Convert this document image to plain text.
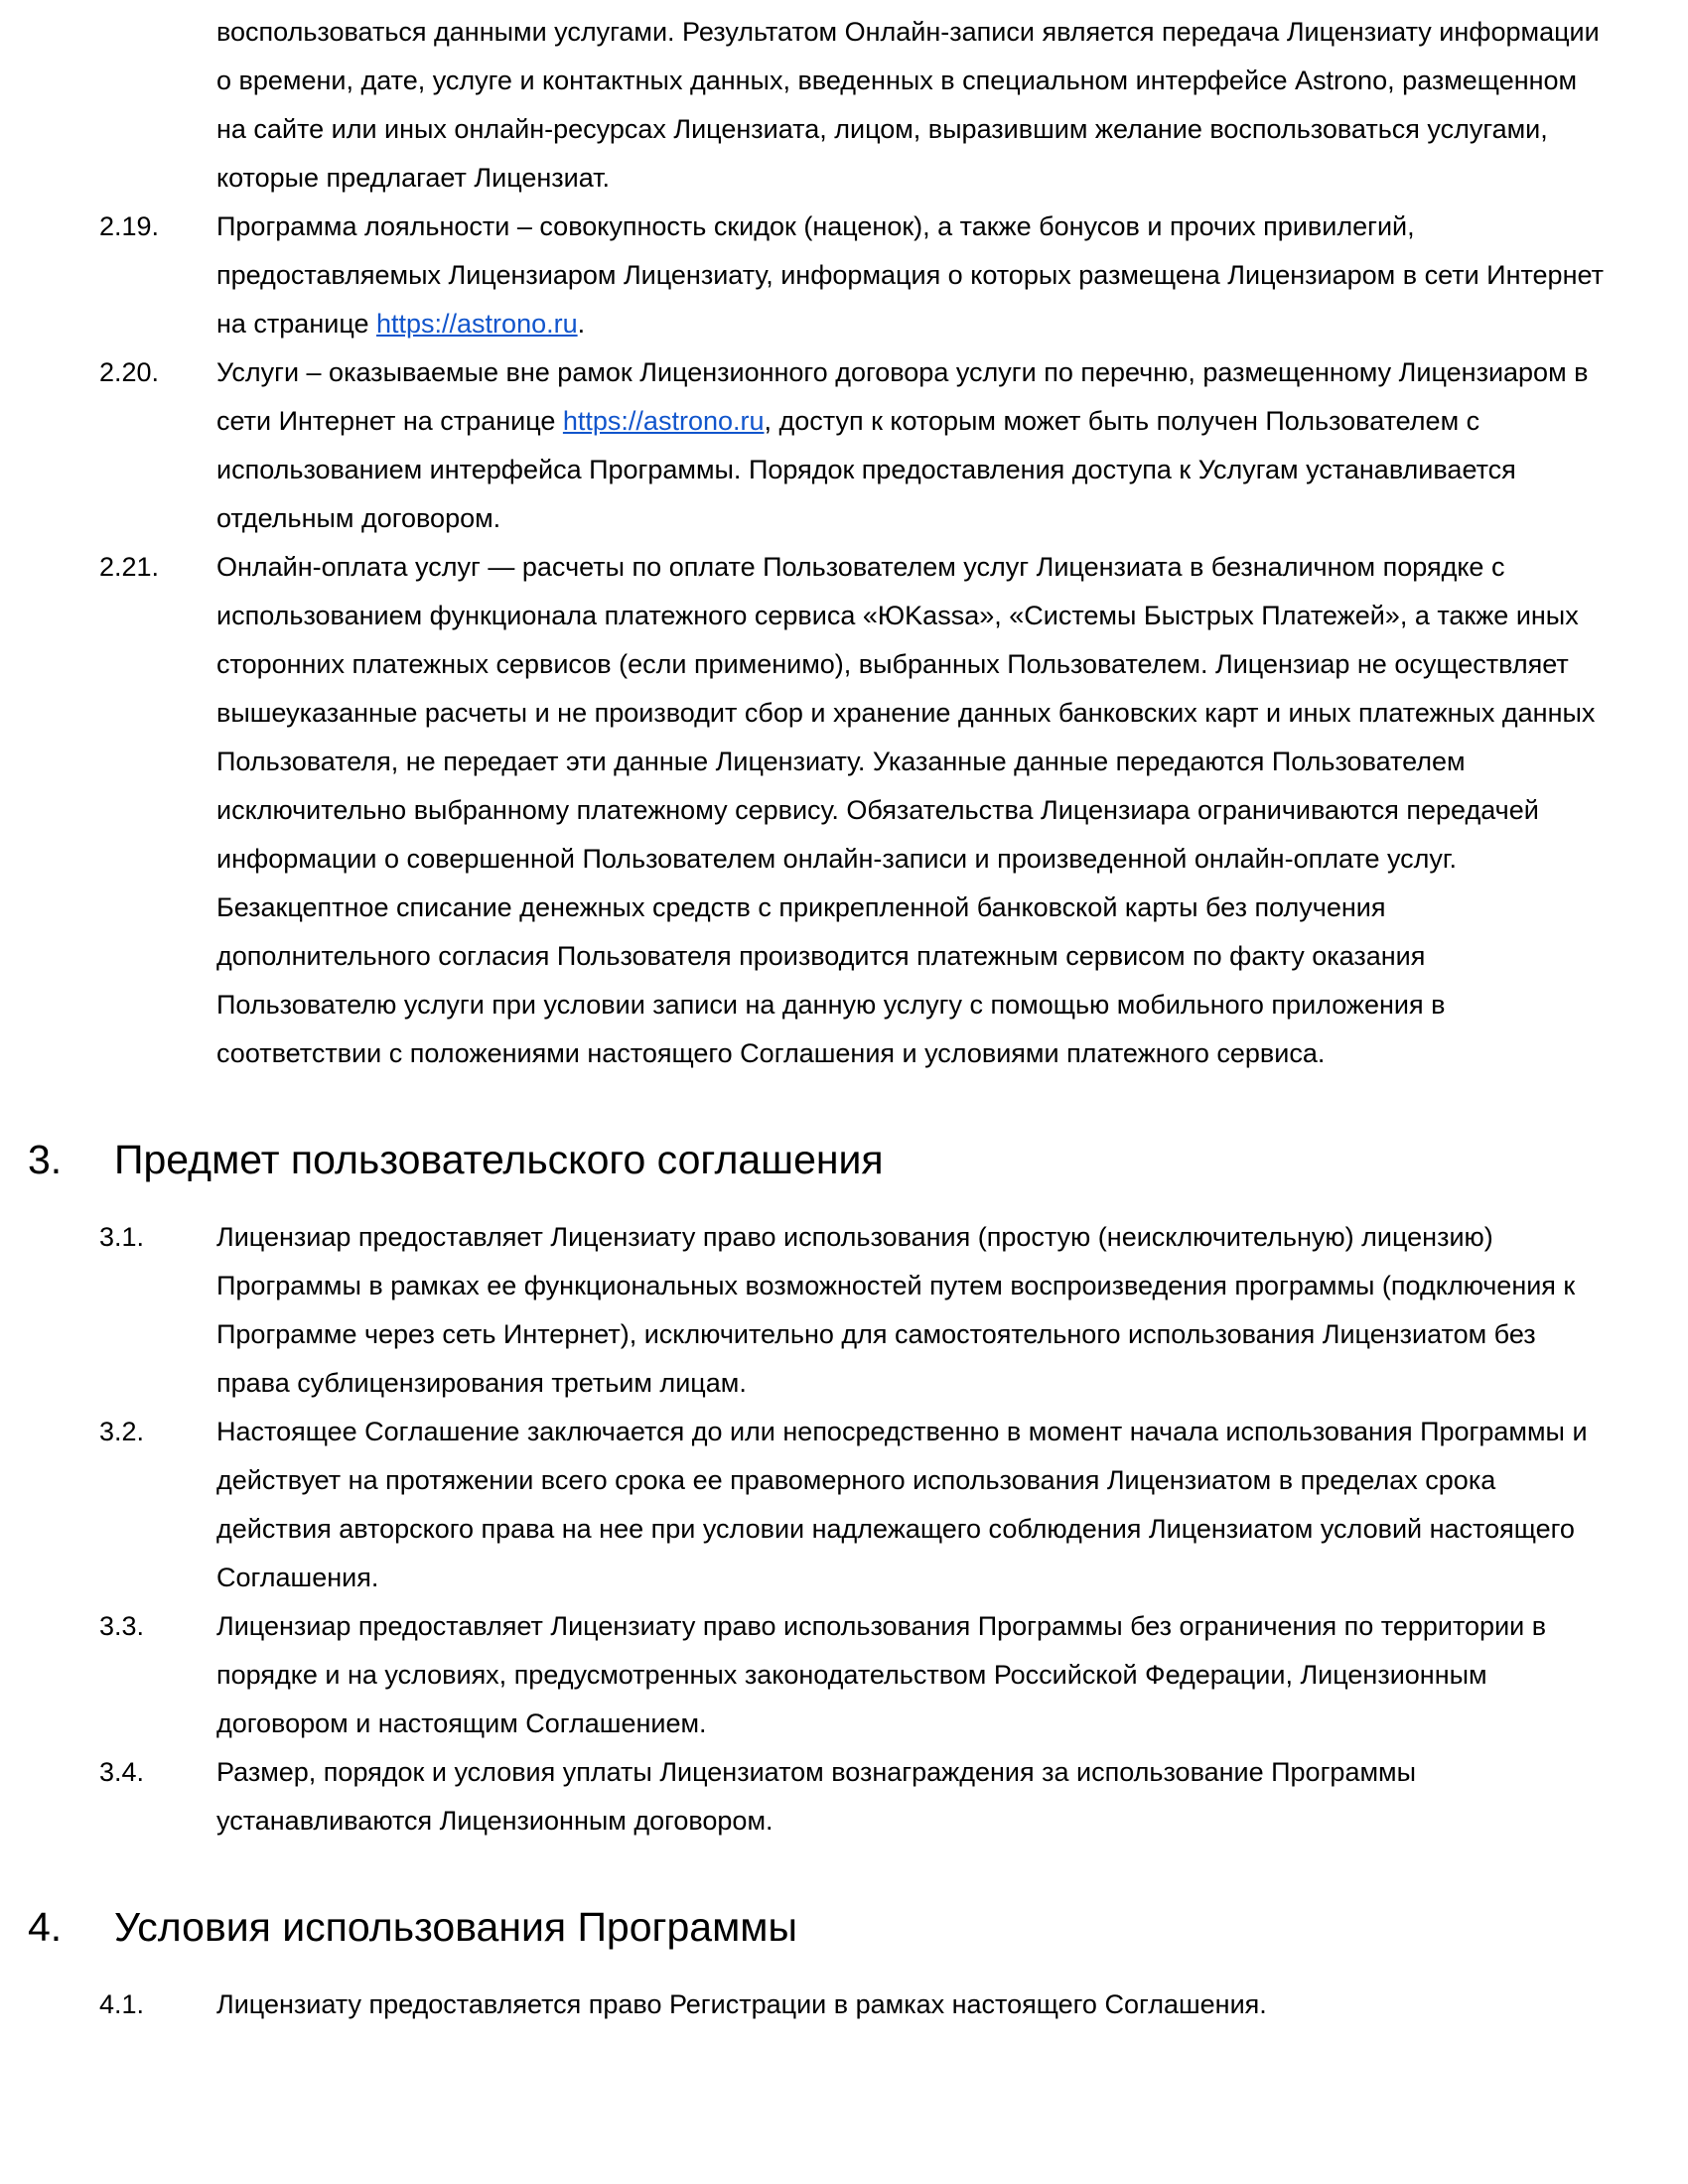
воспользоваться данными услугами. Результатом Онлайн-записи является передача Лицензиату информации о времени, дате, услуге и контактных данных, введенных в специальном интерфейсе Astrono, размещенном на сайте или иных онлайн-ресурсах Лицензиата, лицом, выразившим желание воспользоваться услугами, которые предлагает Лицензиат.

2.19. Программа лояльности – совокупность скидок (наценок), а также бонусов и прочих привилегий, предоставляемых Лицензиаром Лицензиату, информация о которых размещена Лицензиаром в сети Интернет на странице https://astrono.ru.
2.20. Услуги – оказываемые вне рамок Лицензионного договора услуги по перечню, размещенному Лицензиаром в сети Интернет на странице https://astrono.ru, доступ к которым может быть получен Пользователем с использованием интерфейса Программы. Порядок предоставления доступа к Услугам устанавливается отдельным договором.
2.21. Онлайн-оплата услуг — расчеты по оплате Пользователем услуг Лицензиата в безналичном порядке с использованием функционала платежного сервиса «ЮKassa», «Системы Быстрых Платежей», а также иных сторонних платежных сервисов (если применимо), выбранных Пользователем. Лицензиар не осуществляет вышеуказанные расчеты и не производит сбор и хранение данных банковских карт и иных платежных данных Пользователя, не передает эти данные Лицензиату. Указанные данные передаются Пользователем исключительно выбранному платежному сервису. Обязательства Лицензиара ограничиваются передачей информации о совершенной Пользователем онлайн-записи и произведенной онлайн-оплате услуг. Безакцептное списание денежных средств с прикрепленной банковской карты без получения дополнительного согласия Пользователя производится платежным сервисом по факту оказания Пользователю услуги при условии записи на данную услугу с помощью мобильного приложения в соответствии с положениями настоящего Соглашения и условиями платежного сервиса.
3. Предмет пользовательского соглашения
3.1.	Лицензиар предоставляет Лицензиату право использования (простую (неисключительную) лицензию) Программы в рамках ее функциональных возможностей путем воспроизведения программы (подключения к Программе через сеть Интернет), исключительно для самостоятельного использования Лицензиатом без права сублицензирования третьим лицам.
3.2.	Настоящее Соглашение заключается до или непосредственно в момент начала использования Программы и действует на протяжении всего срока ее правомерного использования Лицензиатом в пределах срока действия авторского права на нее при условии надлежащего соблюдения Лицензиатом условий настоящего Соглашения.
3.3.	Лицензиар предоставляет Лицензиату право использования Программы без ограничения по территории в порядке и на условиях, предусмотренных законодательством Российской Федерации, Лицензионным договором и настоящим Соглашением.
3.4.	Размер, порядок и условия уплаты Лицензиатом вознаграждения за использование Программы устанавливаются Лицензионным договором.
4. Условия использования Программы
4.1.	Лицензиату предоставляется право Регистрации в рамках настоящего Соглашения.
